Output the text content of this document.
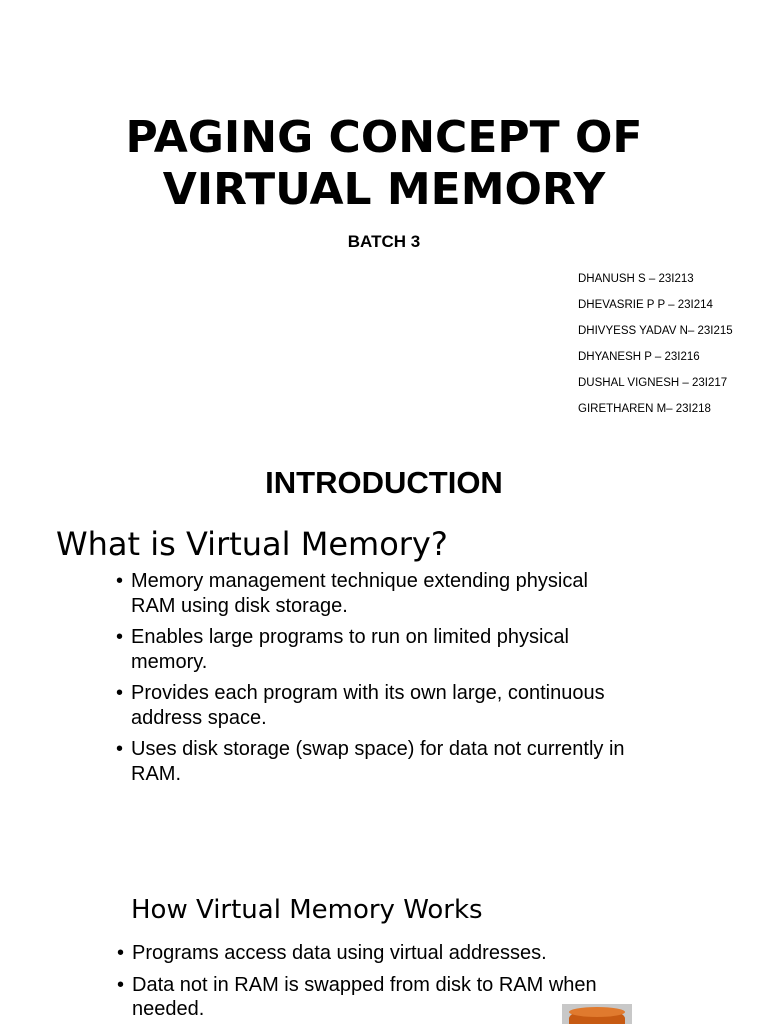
PAGING CONCEPT OF
VIRTUAL MEMORY
BATCH 3
DHANUSH S – 23I213
DHEVASRIE P P – 23I214
DHIVYESS YADAV N– 23I215
DHYANESH P – 23I216
DUSHAL VIGNESH – 23I217
GIRETHAREN M– 23I218
INTRODUCTION
What is Virtual Memory?
• Memory management technique extending physical RAM using disk storage.
• Enables large programs to run on limited physical memory.
• Provides each program with its own large, continuous address space.
• Uses disk storage (swap space) for data not currently in RAM.
How Virtual Memory Works
• Programs access data using virtual addresses.
• Data not in RAM is swapped from disk to RAM when needed.
